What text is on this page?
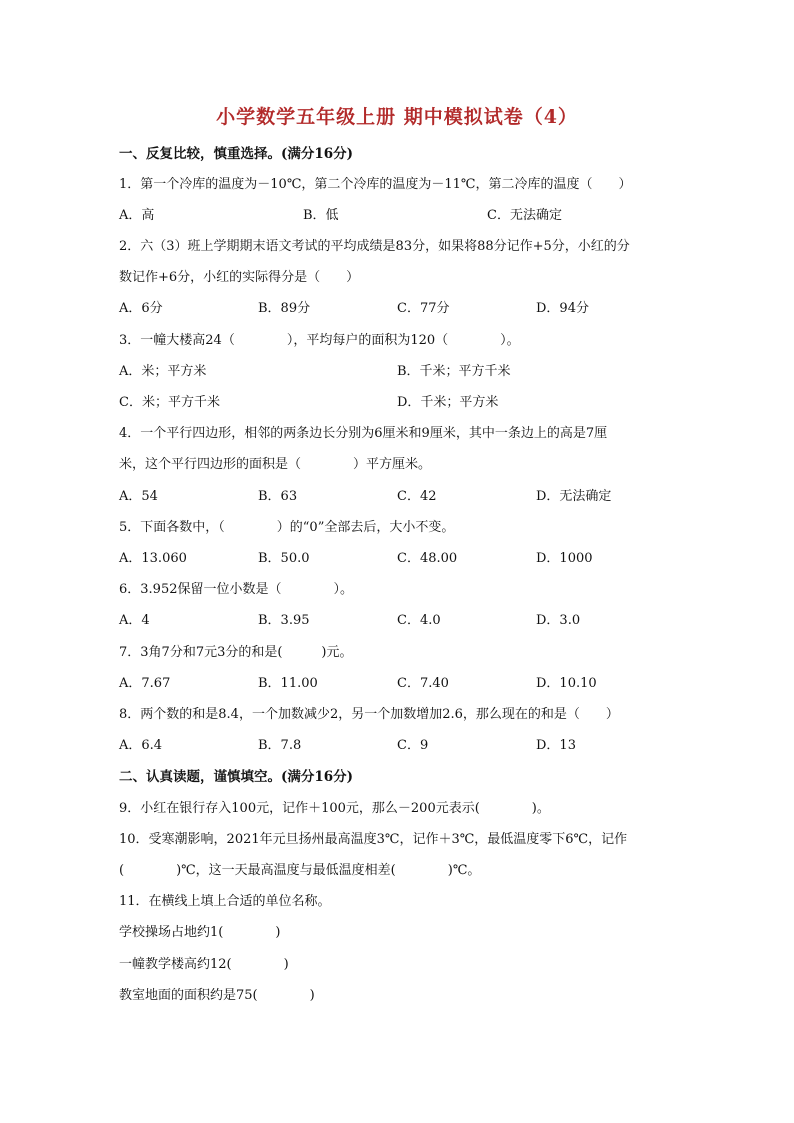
小学数学五年级上册 期中模拟试卷（4）
一、反复比较，慎重选择。(满分16分)
1．第一个冷库的温度为－10℃，第二个冷库的温度为－11℃，第二冷库的温度（　　）
A．高	B．低	C．无法确定
2．六（3）班上学期期末语文考试的平均成绩是83分，如果将88分记作+5分，小红的分
数记作+6分，小红的实际得分是（　　）
A．6分	B．89分	C．77分	D．94分
3．一幢大楼高24（　　　　），平均每户的面积为120（　　　　）。
A．米；平方米	B．千米；平方千米
C．米；平方千米	D．千米；平方米
4．一个平行四边形，相邻的两条边长分别为6厘米和9厘米，其中一条边上的高是7厘
米，这个平行四边形的面积是（　　　　）平方厘米。
A．54	B．63	C．42	D．无法确定
5．下面各数中，（　　　　）的“0”全部去后，大小不变。
A．13.060	B．50.0	C．48.00	D．1000
6．3.952保留一位小数是（　　　　）。
A．4	B．3.95	C．4.0	D．3.0
7．3角7分和7元3分的和是(　　　)元。
A．7.67	B．11.00	C．7.40	D．10.10
8．两个数的和是8.4，一个加数减少2，另一个加数增加2.6，那么现在的和是（　　）
A．6.4	B．7.8	C．9	D．13
二、认真读题，谨慎填空。(满分16分)
9．小红在银行存入100元，记作＋100元，那么－200元表示(　　　　)。
10．受寒潮影响，2021年元旦扬州最高温度3℃，记作＋3℃，最低温度零下6℃，记作
(　　　　)℃，这一天最高温度与最低温度相差(　　　　)℃。
11．在横线上填上合适的单位名称。
学校操场占地约1(　　　　)
一幢教学楼高约12(　　　　)
教室地面的面积约是75(　　　　)
